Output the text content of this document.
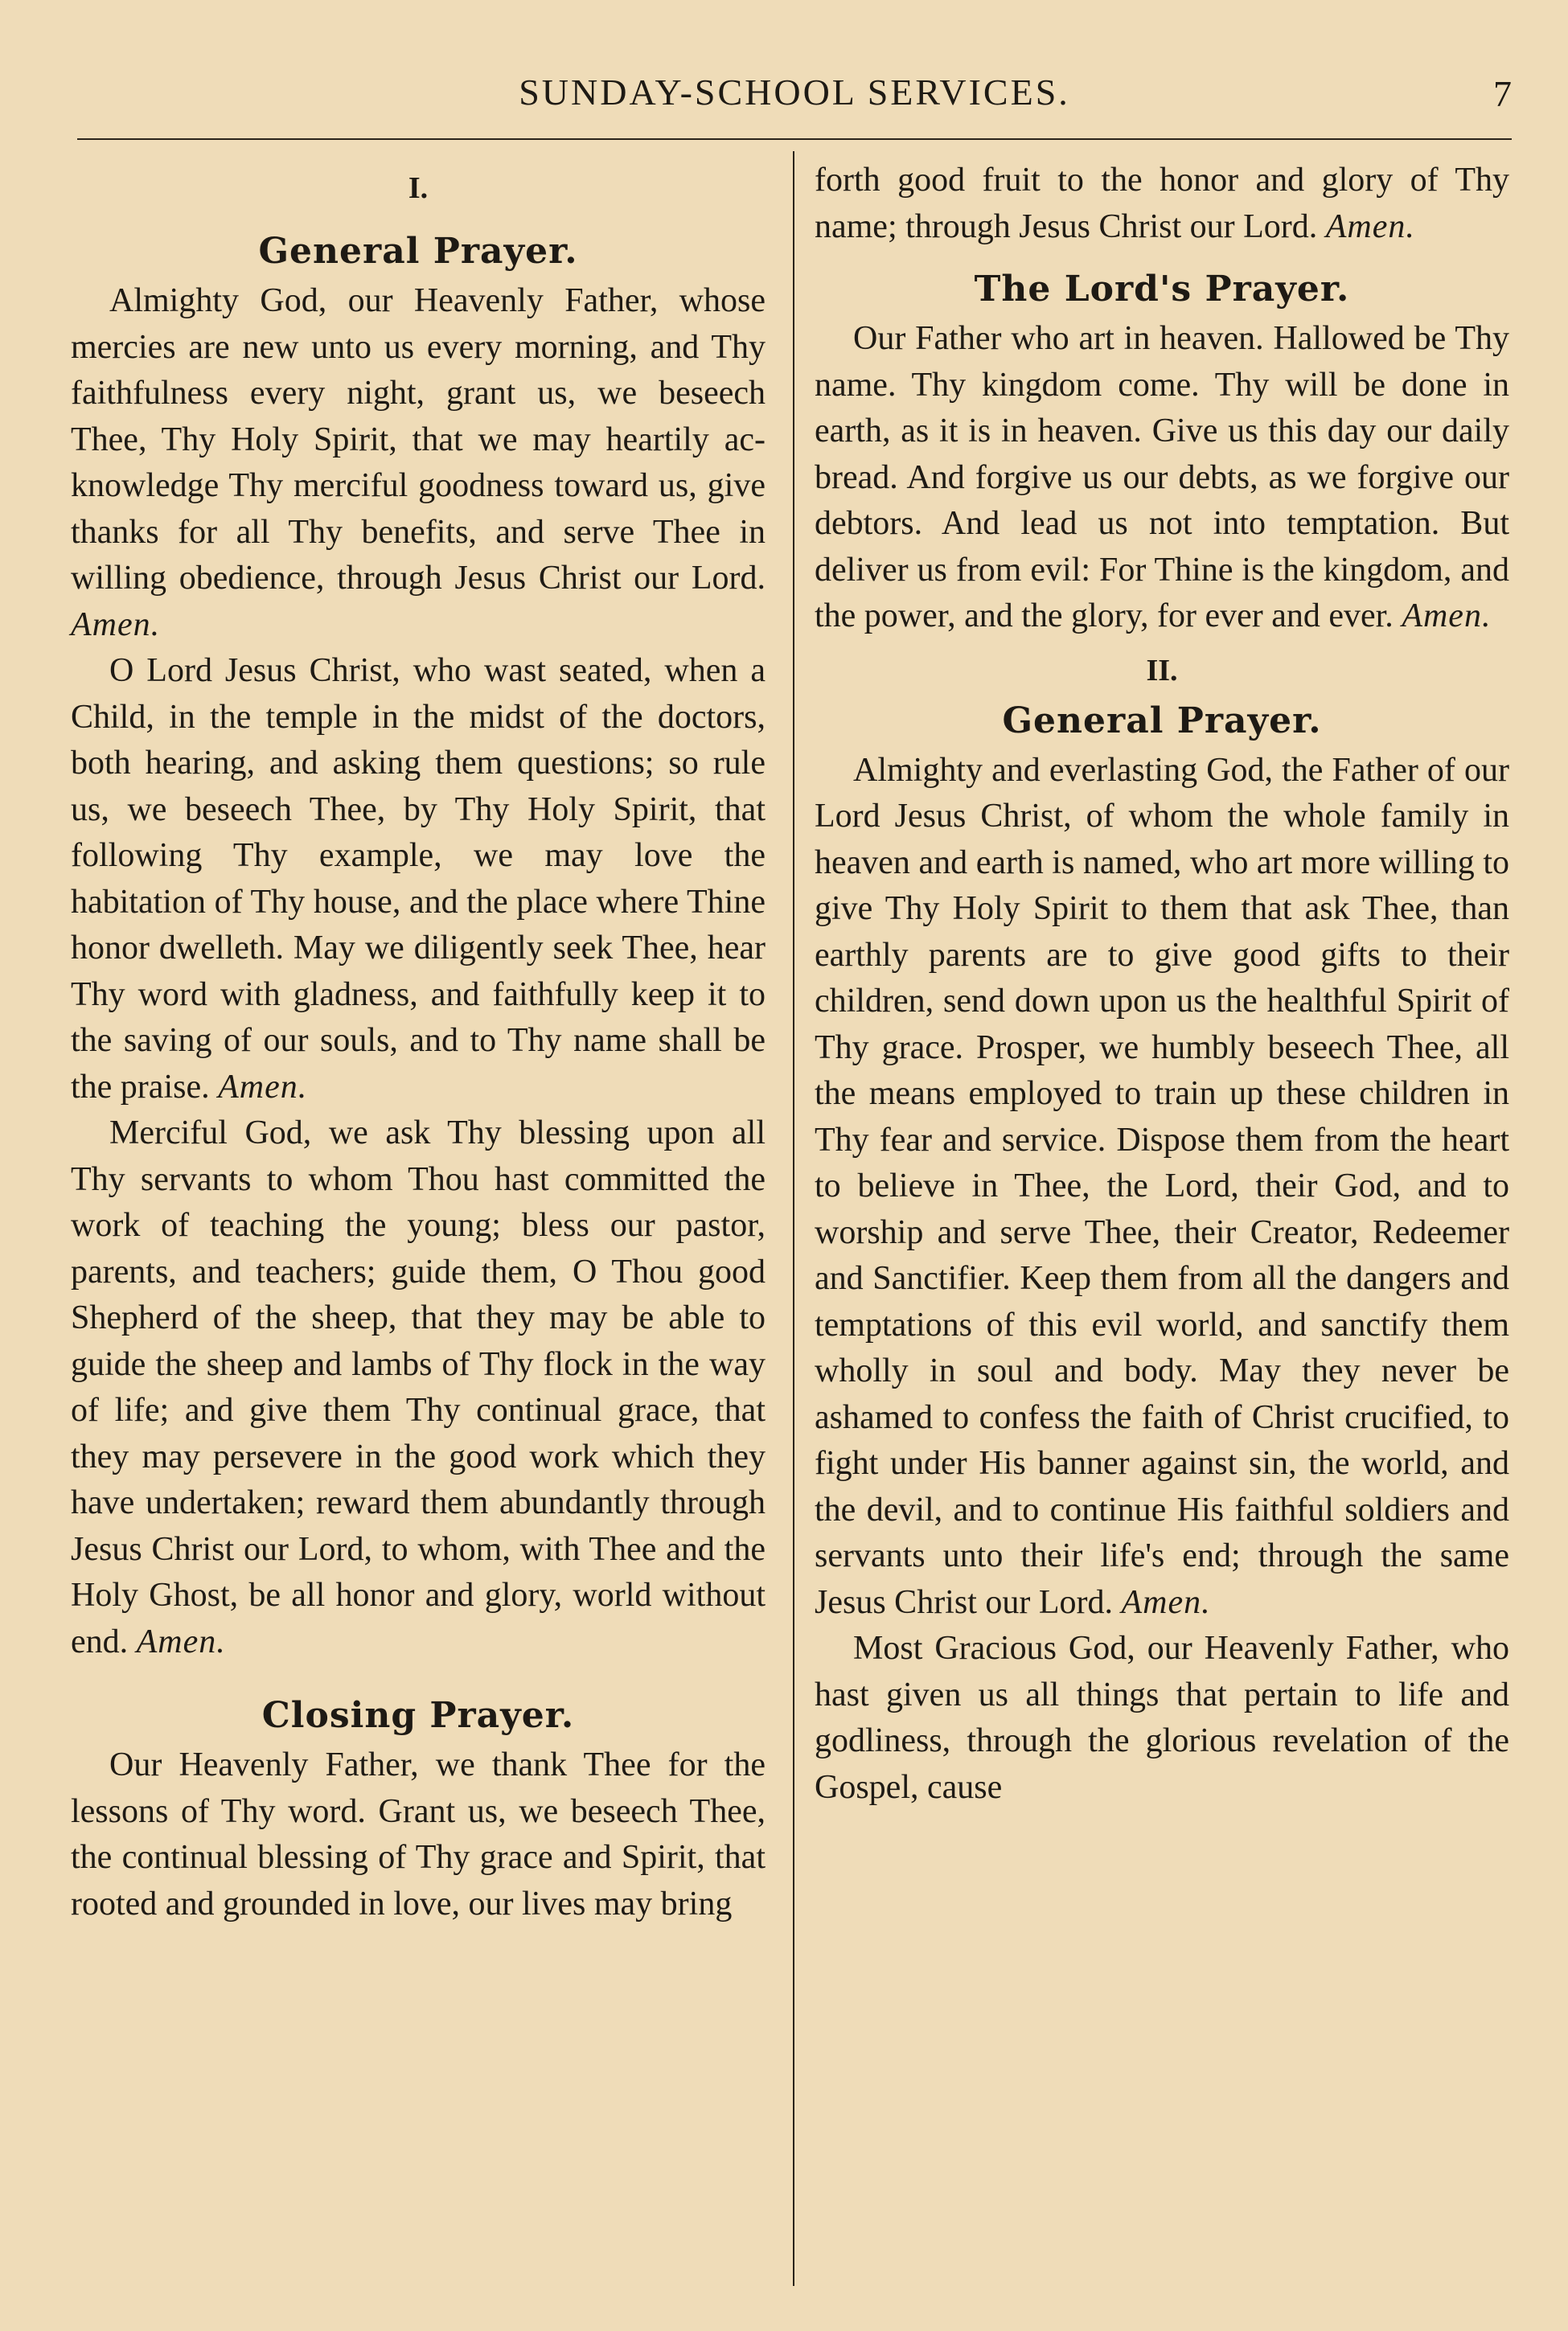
SUNDAY-SCHOOL SERVICES.	7
I.
General Prayer.

Almighty God, our Heavenly Father, whose mercies are new unto us every morning, and Thy faithfulness every night, grant us, we beseech Thee, Thy Holy Spirit, that we may heartily acknowledge Thy merciful goodness toward us, give thanks for all Thy benefits, and serve Thee in willing obedience, through Jesus Christ our Lord. Amen.

O Lord Jesus Christ, who wast seated, when a Child, in the temple in the midst of the doctors, both hearing, and asking them questions; so rule us, we beseech Thee, by Thy Holy Spirit, that following Thy example, we may love the habitation of Thy house, and the place where Thine honor dwelleth. May we diligently seek Thee, hear Thy word with gladness, and faithfully keep it to the saving of our souls, and to Thy name shall be the praise. Amen.

Merciful God, we ask Thy blessing upon all Thy servants to whom Thou hast committed the work of teaching the young; bless our pastor, parents, and teachers; guide them, O Thou good Shepherd of the sheep, that they may be able to guide the sheep and lambs of Thy flock in the way of life; and give them Thy continual grace, that they may persevere in the good work which they have undertaken; reward them abundantly through Jesus Christ our Lord, to whom, with Thee and the Holy Ghost, be all honor and glory, world without end. Amen.

Closing Prayer.

Our Heavenly Father, we thank Thee for the lessons of Thy word. Grant us, we beseech Thee, the continual blessing of Thy grace and Spirit, that rooted and grounded in love, our lives may bring

forth good fruit to the honor and glory of Thy name; through Jesus Christ our Lord. Amen.

The Lord's Prayer.

Our Father who art in heaven. Hallowed be Thy name. Thy kingdom come. Thy will be done in earth, as it is in heaven. Give us this day our daily bread. And forgive us our debts, as we forgive our debtors. And lead us not into temptation. But deliver us from evil: For Thine is the kingdom, and the power, and the glory, for ever and ever. Amen.

II.
General Prayer.

Almighty and everlasting God, the Father of our Lord Jesus Christ, of whom the whole family in heaven and earth is named, who art more willing to give Thy Holy Spirit to them that ask Thee, than earthly parents are to give good gifts to their children, send down upon us the healthful Spirit of Thy grace. Prosper, we humbly beseech Thee, all the means employed to train up these children in Thy fear and service. Dispose them from the heart to believe in Thee, the Lord, their God, and to worship and serve Thee, their Creator, Redeemer and Sanctifier. Keep them from all the dangers and temptations of this evil world, and sanctify them wholly in soul and body. May they never be ashamed to confess the faith of Christ crucified, to fight under His banner against sin, the world, and the devil, and to continue His faithful soldiers and servants unto their life's end; through the same Jesus Christ our Lord. Amen.

Most Gracious God, our Heavenly Father, who hast given us all things that pertain to life and godliness, through the glorious revelation of the Gospel, cause
